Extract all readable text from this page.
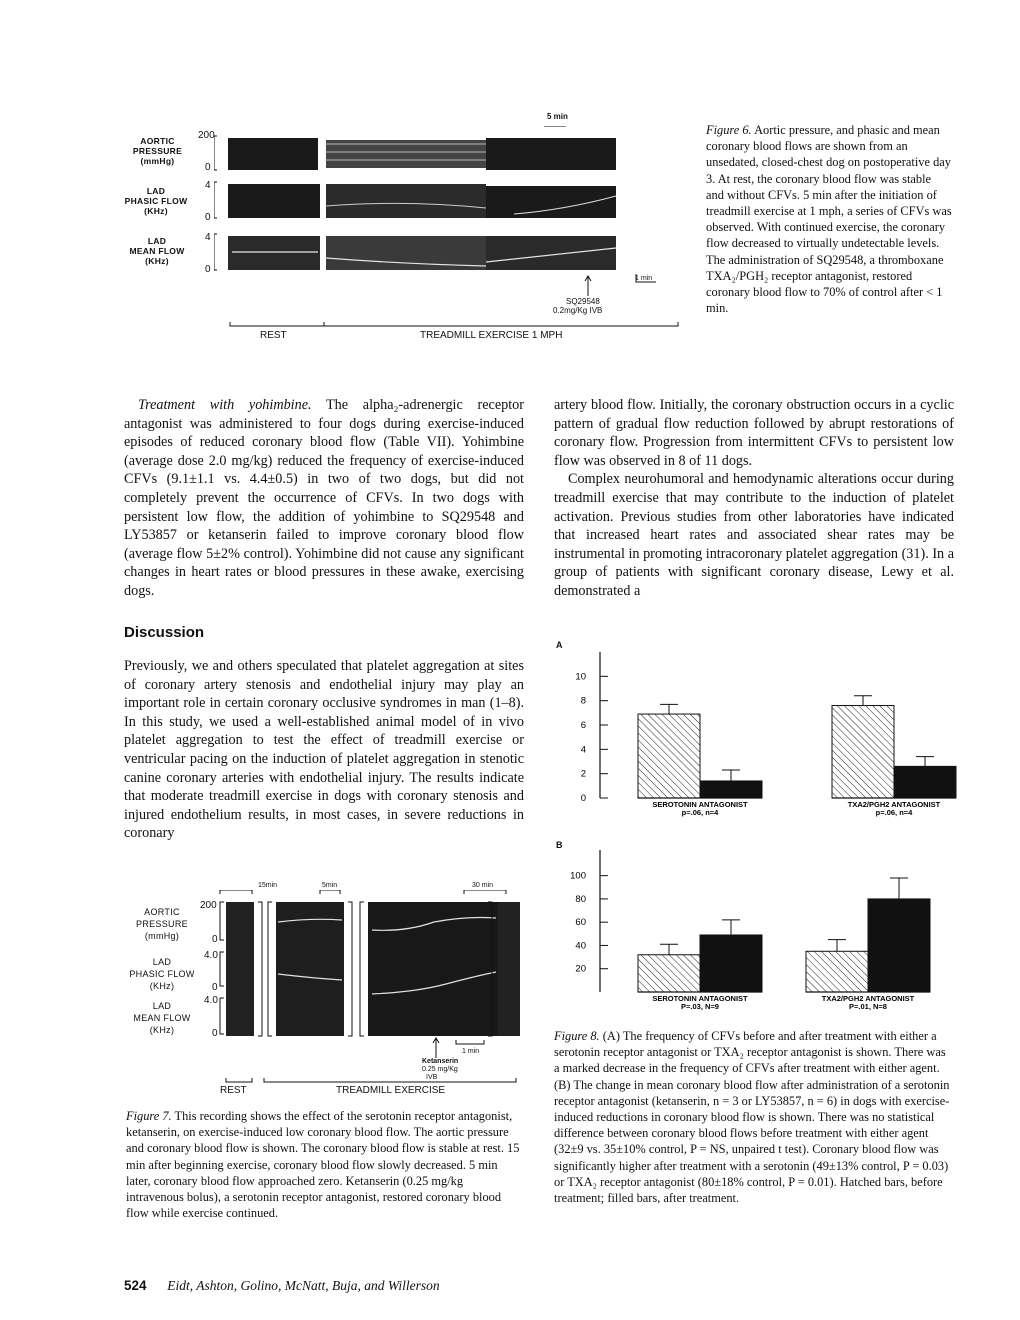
AORTIC
PRESSURE
(mmHg)
LAD
PHASIC FLOW
(KHz)
LAD
MEAN FLOW
(KHz)
200
0
4
0
4
0
5 min
1 min
SQ29548
0.2mg/Kg IVB
REST	TREADMILL EXERCISE 1 MPH
Figure 6. Aortic pressure, and phasic and mean coronary blood flows are shown from an unsedated, closed-chest dog on postoperative day 3. At rest, the coronary blood flow was stable and without CFVs. 5 min after the initiation of treadmill exercise at 1 mph, a series of CFVs was observed. With continued exercise, the coronary flow decreased to virtually undetectable levels. The administration of SQ29548, a thromboxane TXA₂/PGH₂ receptor antagonist, restored coronary blood flow to 70% of control after < 1 min.

Treatment with yohimbine. The alpha₂-adrenergic receptor antagonist was administered to four dogs during exercise-induced episodes of reduced coronary blood flow (Table VII). Yohimbine (average dose 2.0 mg/kg) reduced the frequency of exercise-induced CFVs (9.1±1.1 vs. 4.4±0.5) in two of two dogs, but did not completely prevent the occurrence of CFVs. In two dogs with persistent low flow, the addition of yohimbine to SQ29548 and LY53857 or ketanserin failed to improve coronary blood flow (average flow 5±2% control). Yohimbine did not cause any significant changes in heart rates or blood pressures in these awake, exercising dogs.

Discussion

Previously, we and others speculated that platelet aggregation at sites of coronary artery stenosis and endothelial injury may play an important role in certain coronary occlusive syndromes in man (1–8). In this study, we used a well-established animal model of in vivo platelet aggregation to test the effect of treadmill exercise or ventricular pacing on the induction of platelet aggregation in stenotic canine coronary arteries with endothelial injury. The results indicate that moderate treadmill exercise in dogs with coronary stenosis and injured endothelium results, in most cases, in severe reductions in coronary

artery blood flow. Initially, the coronary obstruction occurs in a cyclic pattern of gradual flow reduction followed by abrupt restorations of coronary flow. Progression from intermittent CFVs to persistent low flow was observed in 8 of 11 dogs.

Complex neurohumoral and hemodynamic alterations occur during treadmill exercise that may contribute to the induction of platelet activation. Previous studies from other laboratories have indicated that increased heart rates and associated shear rates may be instrumental in promoting intracoronary platelet aggregation (31). In a group of patients with significant coronary disease, Lewy et al. demonstrated a

AORTIC
PRESSURE
(mmHg)
LAD
PHASIC FLOW
(KHz)
LAD
MEAN FLOW
(KHz)
200
0
4.0
0
4.0
0
15min	5min	30 min
1 min
Ketanserin
0.25 mg/Kg
IVB
REST	TREADMILL EXERCISE
Figure 7. This recording shows the effect of the serotonin receptor antagonist, ketanserin, on exercise-induced low coronary blood flow. The aortic pressure and coronary blood flow is shown. The coronary blood flow is stable at rest. 15 min after beginning exercise, coronary blood flow slowly decreased. 5 min later, coronary blood flow approached zero. Ketanserin (0.25 mg/kg intravenous bolus), a serotonin receptor antagonist, restored coronary blood flow while exercise continued.
A
B
0
2
4
6
8
10
SEROTONIN ANTAGONIST
p=.06, n=4
TXA2/PGH2 ANTAGONIST
p=.06, n=4
20
40
60
80
100
SEROTONIN ANTAGONIST
P=.03, N=9
TXA2/PGH2 ANTAGONIST
P=.01, N=8
Figure 8. (A) The frequency of CFVs before and after treatment with either a serotonin receptor antagonist or TXA₂ receptor antagonist is shown. There was a marked decrease in the frequency of CFVs after treatment with either agent. (B) The change in mean coronary blood flow after administration of a serotonin receptor antagonist (ketanserin, n = 3 or LY53857, n = 6) in dogs with exercise-induced reductions in coronary blood flow is shown. There was no statistical difference between coronary blood flows before treatment with either agent (32±9 vs. 35±10% control, P = NS, unpaired t test). Coronary blood flow was significantly higher after treatment with a serotonin (49±13% control, P = 0.03) or TXA₂ receptor antagonist (80±18% control, P = 0.01). Hatched bars, before treatment; filled bars, after treatment.
524 Eidt, Ashton, Golino, McNatt, Buja, and Willerson
